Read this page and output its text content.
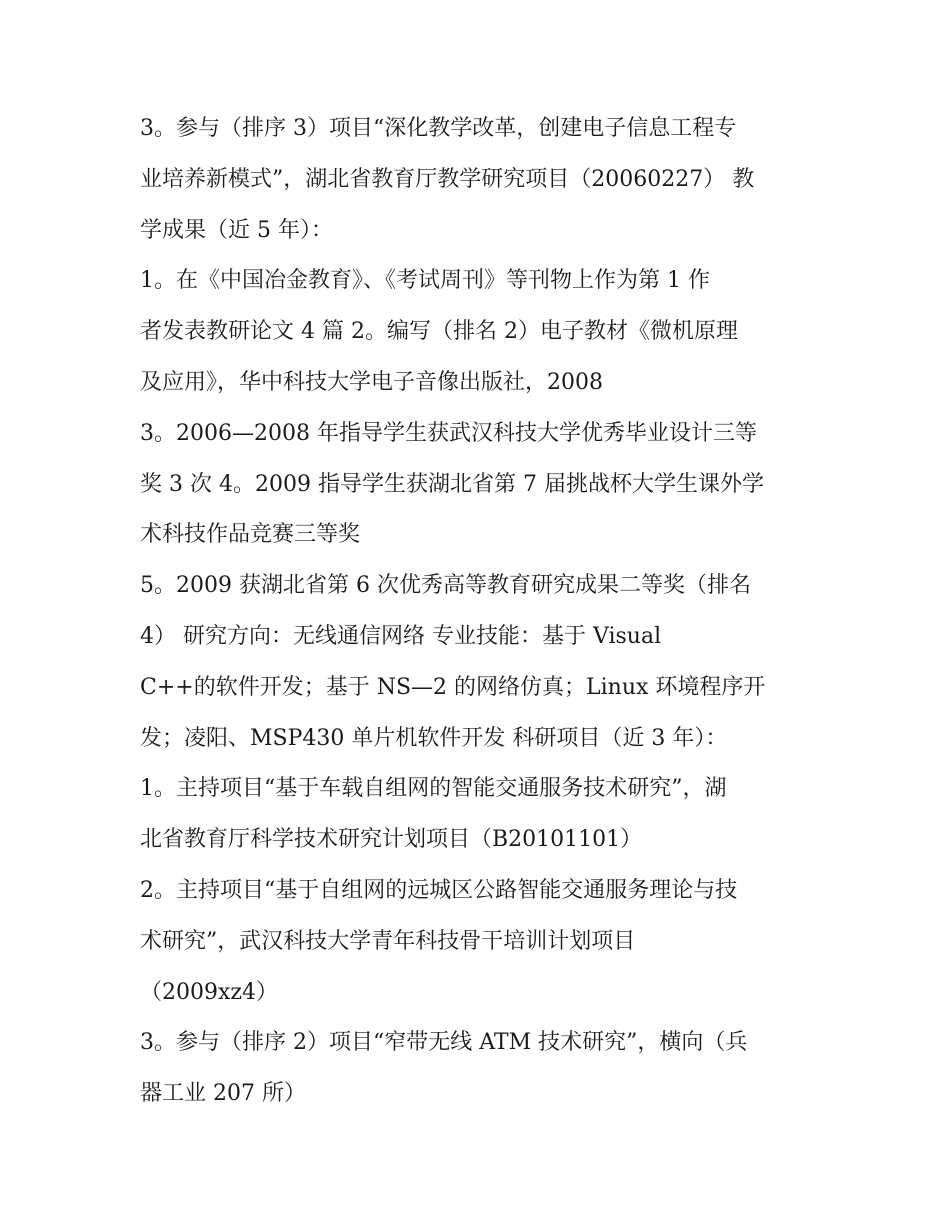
3。参与（排序 3）项目“深化教学改革，创建电子信息工程专
业培养新模式”，湖北省教育厅教学研究项目（20060227） 教
学成果（近 5 年）：
1。在《中国冶金教育》、《考试周刊》等刊物上作为第 1 作
者发表教研论文 4 篇 2。编写（排名 2）电子教材《微机原理
及应用》，华中科技大学电子音像出版社，2008
3。2006—2008 年指导学生获武汉科技大学优秀毕业设计三等
奖 3 次 4。2009 指导学生获湖北省第 7 届挑战杯大学生课外学
术科技作品竞赛三等奖
5。2009 获湖北省第 6 次优秀高等教育研究成果二等奖（排名
4） 研究方向：无线通信网络 专业技能：基于 Visual
C++的软件开发；基于 NS—2 的网络仿真；Linux 环境程序开
发；凌阳、MSP430 单片机软件开发 科研项目（近 3 年）：
1。主持项目“基于车载自组网的智能交通服务技术研究”，湖
北省教育厅科学技术研究计划项目（B20101101）
2。主持项目“基于自组网的远城区公路智能交通服务理论与技
术研究”，武汉科技大学青年科技骨干培训计划项目
（2009xz4）
3。参与（排序 2）项目“窄带无线 ATM 技术研究”，横向（兵
器工业 207 所）
